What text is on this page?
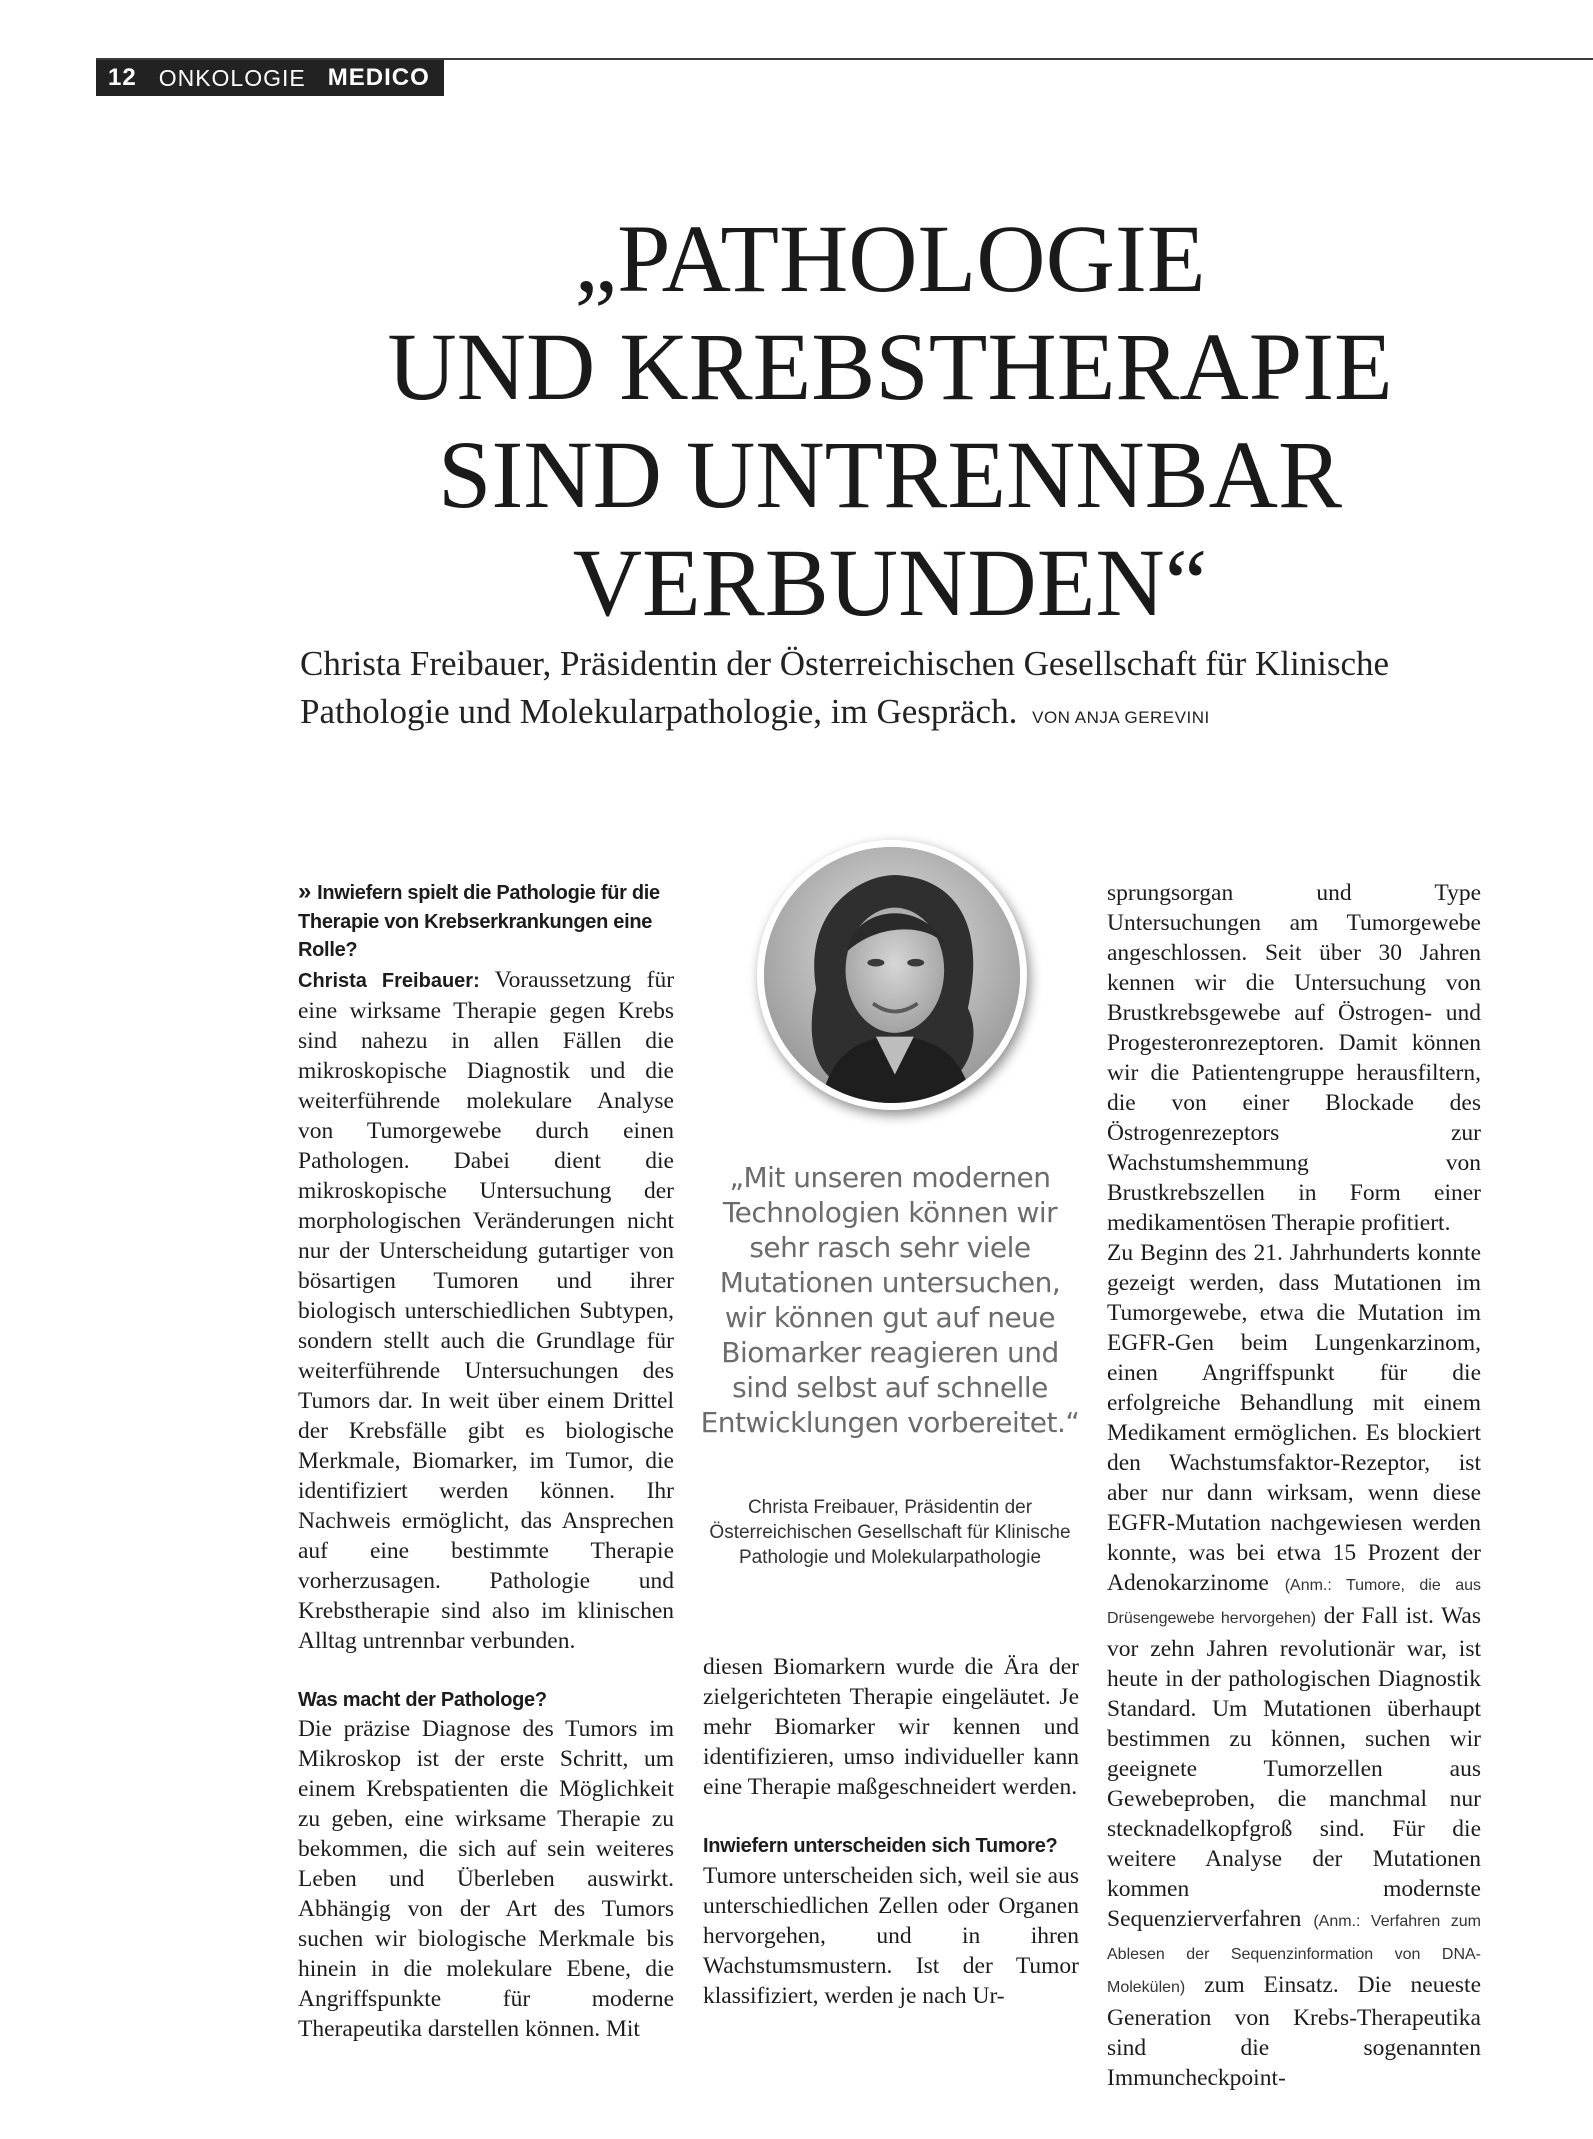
12 ONKOLOGIE MEDICO
„PATHOLOGIE
UND KREBSTHERAPIE
SIND UNTRENNBAR
VERBUNDEN“
Christa Freibauer, Präsidentin der Österreichischen Gesellschaft für Klinische Pathologie und Molekularpathologie, im Gespräch. VON ANJA GEREVINI

» Inwiefern spielt die Pathologie für die Therapie von Krebserkrankungen eine Rolle?

Christa Freibauer: Voraussetzung für eine wirksame Therapie gegen Krebs sind nahezu in allen Fällen die mikroskopische Diagnostik und die weiterführende molekulare Analyse von Tumorgewebe durch einen Pathologen. Dabei dient die mikroskopische Untersuchung der morphologischen Veränderungen nicht nur der Unterscheidung gutartiger von bösartigen Tumoren und ihrer biologisch unterschiedlichen Subtypen, sondern stellt auch die Grundlage für weiterführende Untersuchungen des Tumors dar. In weit über einem Drittel der Krebsfälle gibt es biologische Merkmale, Biomarker, im Tumor, die identifiziert werden können. Ihr Nachweis ermöglicht, das Ansprechen auf eine bestimmte Therapie vorherzusagen. Pathologie und Krebstherapie sind also im klinischen Alltag untrennbar verbunden.

Was macht der Pathologe?

Die präzise Diagnose des Tumors im Mikroskop ist der erste Schritt, um einem Krebspatienten die Möglichkeit zu geben, eine wirksame Therapie zu bekommen, die sich auf sein weiteres Leben und Überleben auswirkt. Abhängig von der Art des Tumors suchen wir biologische Merkmale bis hinein in die molekulare Ebene, die Angriffspunkte für moderne Therapeutika darstellen können. Mit

„Mit unseren modernen Technologien können wir sehr rasch sehr viele Mutationen untersuchen, wir können gut auf neue Biomarker reagieren und sind selbst auf schnelle Entwicklungen vorbereitet.“
Christa Freibauer, Präsidentin der Österreichischen Gesellschaft für Klinische Pathologie und Molekularpathologie

diesen Biomarkern wurde die Ära der zielgerichteten Therapie eingeläutet. Je mehr Biomarker wir kennen und identifizieren, umso individueller kann eine Therapie maßgeschneidert werden.

Inwiefern unterscheiden sich Tumore?

Tumore unterscheiden sich, weil sie aus unterschiedlichen Zellen oder Organen hervorgehen, und in ihren Wachstumsmustern. Ist der Tumor klassifiziert, werden je nach Ur-

sprungsorgan und Type Untersuchungen am Tumorgewebe angeschlossen. Seit über 30 Jahren kennen wir die Untersuchung von Brustkrebsgewebe auf Östrogen- und Progesteronrezeptoren. Damit können wir die Patientengruppe herausfiltern, die von einer Blockade des Östrogenrezeptors zur Wachstumshemmung von Brustkrebszellen in Form einer medikamentösen Therapie profitiert.

Zu Beginn des 21. Jahrhunderts konnte gezeigt werden, dass Mutationen im Tumorgewebe, etwa die Mutation im EGFR-Gen beim Lungenkarzinom, einen Angriffspunkt für die erfolgreiche Behandlung mit einem Medikament ermöglichen. Es blockiert den Wachstumsfaktor-Rezeptor, ist aber nur dann wirksam, wenn diese EGFR-Mutation nachgewiesen werden konnte, was bei etwa 15 Prozent der Adenokarzinome (Anm.: Tumore, die aus Drüsengewebe hervorgehen) der Fall ist. Was vor zehn Jahren revolutionär war, ist heute in der pathologischen Diagnostik Standard. Um Mutationen überhaupt bestimmen zu können, suchen wir geeignete Tumorzellen aus Gewebeproben, die manchmal nur stecknadelkopfgroß sind. Für die weitere Analyse der Mutationen kommen modernste Sequenzierverfahren (Anm.: Verfahren zum Ablesen der Sequenzinformation von DNA-Molekülen) zum Einsatz. Die neueste Generation von Krebs-Therapeutika sind die sogenannten Immuncheckpoint-
